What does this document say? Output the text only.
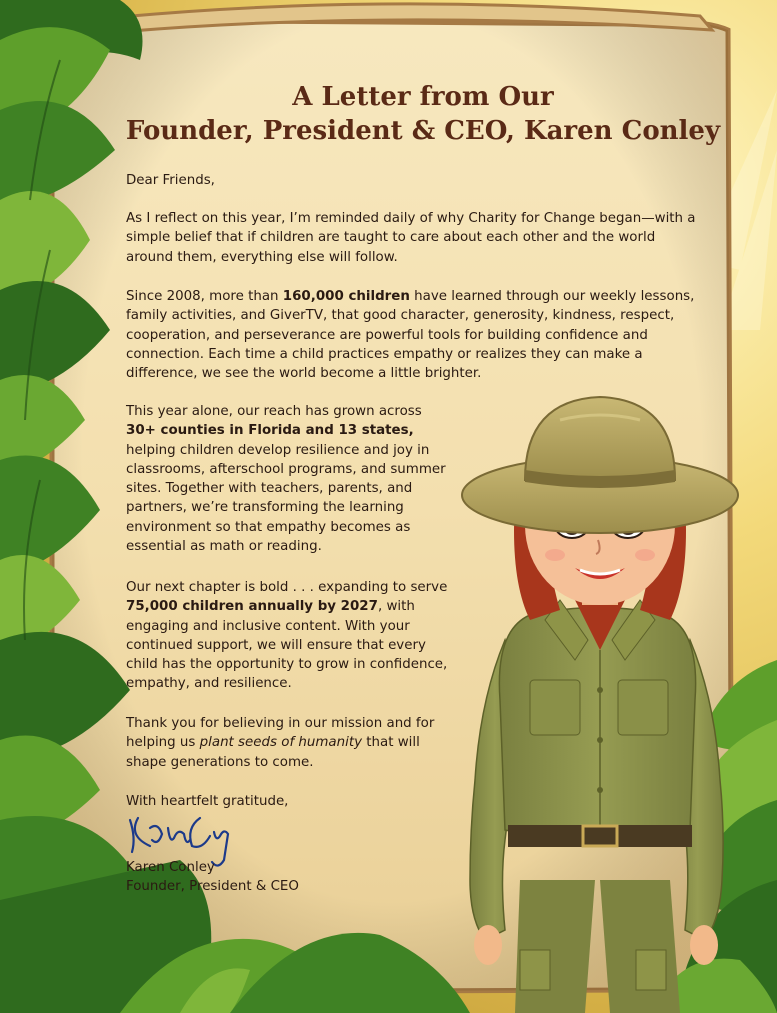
A Letter from Our
Founder, President & CEO, Karen Conley

Dear Friends,

As I reflect on this year, I’m reminded daily of why Charity for Change began—with a simple belief that if children are taught to care about each other and the world around them, everything else will follow.

Since 2008, more than 160,000 children have learned through our weekly lessons, family activities, and GiverTV, that good character, generosity, kindness, respect, cooperation, and perseverance are powerful tools for building confidence and connection. Each time a child practices empathy or realizes they can make a difference, we see the world become a little brighter.

This year alone, our reach has grown across
30+ counties in Florida and 13 states, helping children develop resilience and joy in classrooms, afterschool programs, and summer sites. Together with teachers, parents, and partners, we’re transforming the learning environment so that empathy becomes as essential as math or reading.

Our next chapter is bold . . . expanding to serve
75,000 children annually by 2027, with engaging and inclusive content. With your continued support, we will ensure that every child has the opportunity to grow in confidence, empathy, and resilience.

Thank you for believing in our mission and for helping us plant seeds of humanity that will shape generations to come.

With heartfelt gratitude,

Karen Conley

Founder, President & CEO
